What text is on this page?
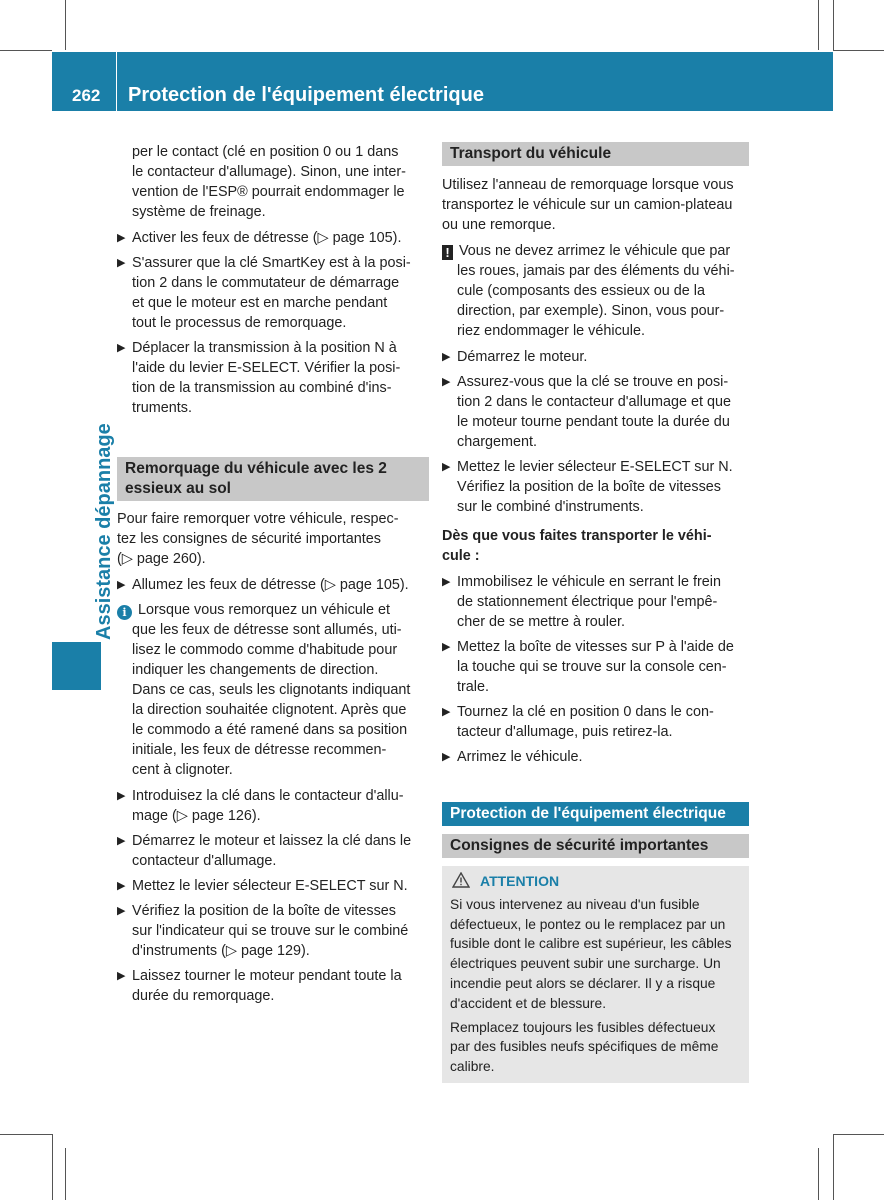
262 Protection de l'équipement électrique
Assistance dépannage
per le contact (clé en position 0 ou 1 dans
le contacteur d'allumage). Sinon, une inter-
vention de l'ESP® pourrait endommager le
système de freinage.
▶ Activer les feux de détresse (▷ page 105).
▶ S'assurer que la clé SmartKey est à la posi-
tion 2 dans le commutateur de démarrage
et que le moteur est en marche pendant
tout le processus de remorquage.
▶ Déplacer la transmission à la position N à
l'aide du levier E-SELECT. Vérifier la posi-
tion de la transmission au combiné d'ins-
truments.
Remorquage du véhicule avec les 2
essieux au sol
Pour faire remorquer votre véhicule, respec-
tez les consignes de sécurité importantes
(▷ page 260).
▶ Allumez les feux de détresse (▷ page 105).
i Lorsque vous remorquez un véhicule et
que les feux de détresse sont allumés, uti-
lisez le commodo comme d'habitude pour
indiquer les changements de direction.
Dans ce cas, seuls les clignotants indiquant
la direction souhaitée clignotent. Après que
le commodo a été ramené dans sa position
initiale, les feux de détresse recommen-
cent à clignoter.
▶ Introduisez la clé dans le contacteur d'allu-
mage (▷ page 126).
▶ Démarrez le moteur et laissez la clé dans le
contacteur d'allumage.
▶ Mettez le levier sélecteur E-SELECT sur N.
▶ Vérifiez la position de la boîte de vitesses
sur l'indicateur qui se trouve sur le combiné
d'instruments (▷ page 129).
▶ Laissez tourner le moteur pendant toute la
durée du remorquage.
Transport du véhicule
Utilisez l'anneau de remorquage lorsque vous
transportez le véhicule sur un camion-plateau
ou une remorque.
! Vous ne devez arrimez le véhicule que par
les roues, jamais par des éléments du véhi-
cule (composants des essieux ou de la
direction, par exemple). Sinon, vous pour-
riez endommager le véhicule.
▶ Démarrez le moteur.
▶ Assurez-vous que la clé se trouve en posi-
tion 2 dans le contacteur d'allumage et que
le moteur tourne pendant toute la durée du
chargement.
▶ Mettez le levier sélecteur E-SELECT sur N.
Vérifiez la position de la boîte de vitesses
sur le combiné d'instruments.
Dès que vous faites transporter le véhi-
cule :
▶ Immobilisez le véhicule en serrant le frein
de stationnement électrique pour l'empê-
cher de se mettre à rouler.
▶ Mettez la boîte de vitesses sur P à l'aide de
la touche qui se trouve sur la console cen-
trale.
▶ Tournez la clé en position 0 dans le con-
tacteur d'allumage, puis retirez-la.
▶ Arrimez le véhicule.
Protection de l'équipement électrique
Consignes de sécurité importantes
ATTENTION
Si vous intervenez au niveau d'un fusible
défectueux, le pontez ou le remplacez par un
fusible dont le calibre est supérieur, les câbles
électriques peuvent subir une surcharge. Un
incendie peut alors se déclarer. Il y a risque
d'accident et de blessure.
Remplacez toujours les fusibles défectueux
par des fusibles neufs spécifiques de même
calibre.
